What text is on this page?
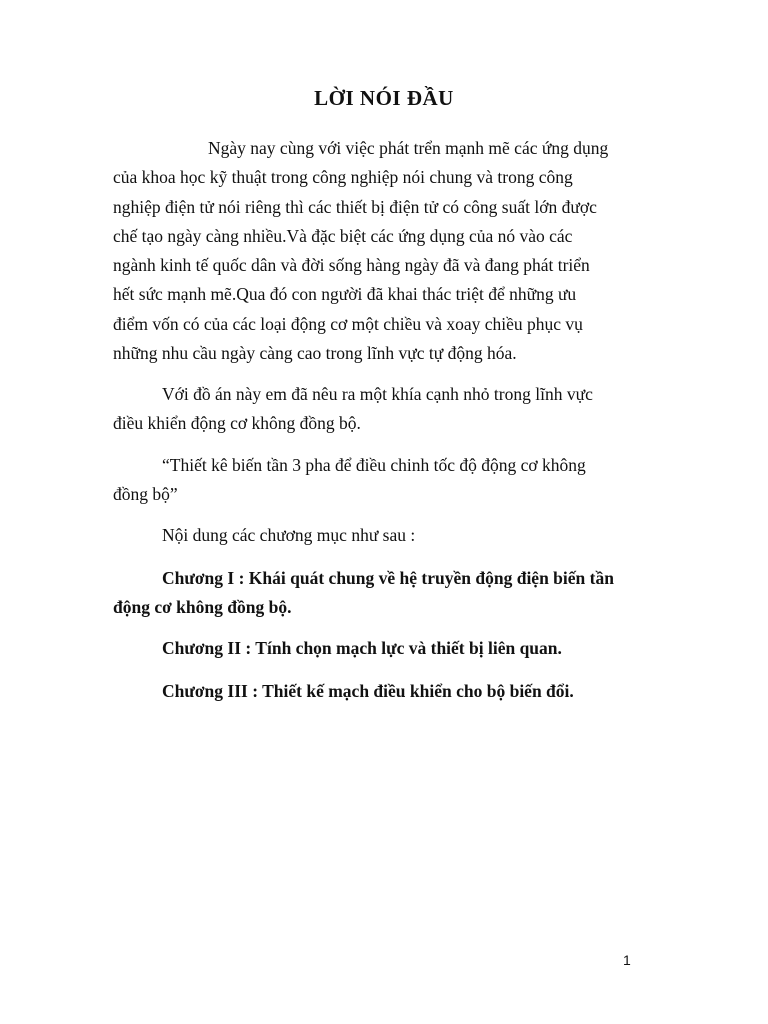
LỜI NÓI ĐẦU
Ngày nay cùng với việc phát trển mạnh mẽ các ứng dụng
của khoa học kỹ thuật trong công nghiệp nói chung và trong công
nghiệp điện tử nói riêng thì các thiết bị điện tử có công suất lớn được
chế tạo ngày càng nhiều.Và đặc biệt các ứng dụng của nó vào các
ngành kinh tế quốc dân và đời sống hàng ngày đã và đang phát triển
hết sức mạnh mẽ.Qua đó con người đã khai thác triệt để những ưu
điểm vốn có của các loại động cơ một chiều và xoay chiều phục vụ
những nhu cầu ngày càng cao trong lĩnh vực tự động hóa.
Với đồ án này em đã nêu ra một khía cạnh nhỏ trong lĩnh vực
điều khiển động cơ không đồng bộ.
“Thiết kê biến tần 3 pha để điều chinh tốc độ động cơ không
đồng bộ”
Nội dung các chương mục như sau :
Chương I : Khái quát chung về hệ truyền động điện biến tần
động cơ không đồng bộ.
Chương II : Tính chọn mạch lực và thiết bị liên quan.
Chương III : Thiết kế mạch điều khiển cho bộ biến đổi.
1
